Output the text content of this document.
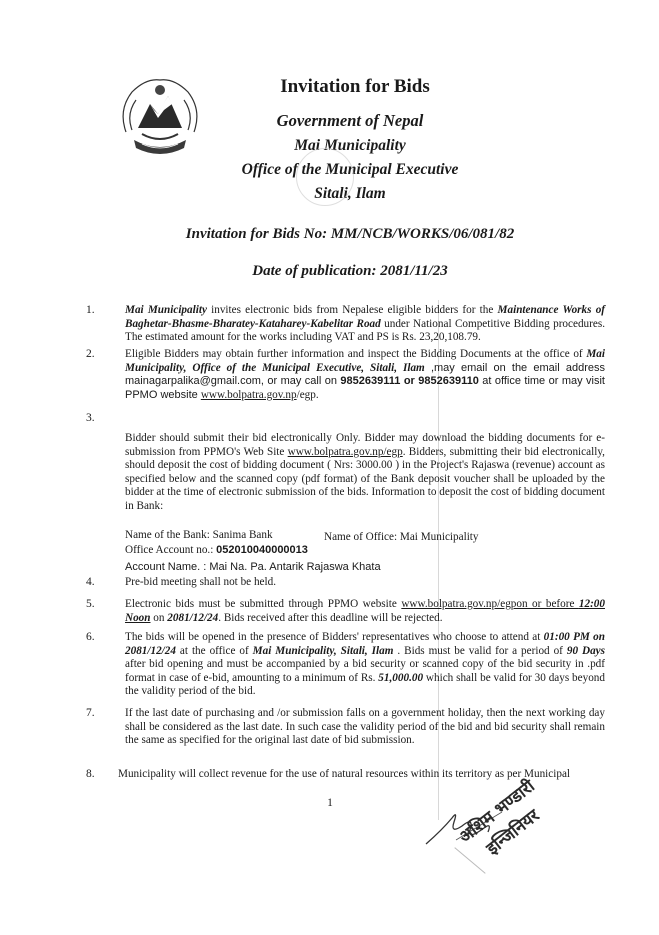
Invitation for Bids
Government of Nepal
Mai Municipality
Office of the Municipal Executive
Sitali, Ilam
Invitation for Bids No: MM/NCB/WORKS/06/081/82
Date of publication: 2081/11/23
1.	Mai Municipality invites electronic bids from Nepalese eligible bidders for the Maintenance Works of Baghetar-Bhasme-Bharatey-Katahareу-Kabelitar Road under National Competitive Bidding procedures. The estimated amount for the works including VAT and PS is Rs. 23,20,108.79.
2.	Eligible Bidders may obtain further information and inspect the Bidding Documents at the office of Mai Municipality, Office of the Municipal Executive, Sitali, Ilam ,may email on the email address mainagarpalika@gmail.com, or may call on 9852639111 or 9852639110 at office time or may visit PPMO website www.bolpatra.gov.np/egp.
3.
Bidder should submit their bid electronically Only. Bidder may download the bidding documents for e-submission from PPMO's Web Site www.bolpatra.gov.np/egp. Bidders, submitting their bid electronically, should deposit the cost of bidding document ( Nrs: 3000.00 ) in the Project's Rajaswa (revenue) account as specified below and the scanned copy (pdf format) of the Bank deposit voucher shall be uploaded by the bidder at the time of electronic submission of the bids. Information to deposit the cost of bidding document in Bank:
Name of the Bank: Sanima Bank	Name of Office: Mai Municipality
Office Account no.: 052010040000013
Account Name. : Mai Na. Pa. Antarik Rajaswa Khata
4.	Pre-bid meeting shall not be held.
5.	Electronic bids must be submitted through PPMO website www.bolpatra.gov.np/egpon or before 12:00 Noon on 2081/12/24. Bids received after this deadline will be rejected.
6.	The bids will be opened in the presence of Bidders' representatives who choose to attend at 01:00 PM on 2081/12/24 at the office of Mai Municipality, Sitali, Ilam . Bids must be valid for a period of 90 Days after bid opening and must be accompanied by a bid security or scanned copy of the bid security in .pdf format in case of e-bid, amounting to a minimum of Rs. 51,000.00 which shall be valid for 30 days beyond the validity period of the bid.
7.	If the last date of purchasing and /or submission falls on a government holiday, then the next working day shall be considered as the last date. In such case the validity period of the bid and bid security shall remain the same as specified for the original last date of bid submission.
8. Municipality will collect revenue for the use of natural resources within its territory as per Municipal
1	अशिम भण्डारी इन्जिनियर
